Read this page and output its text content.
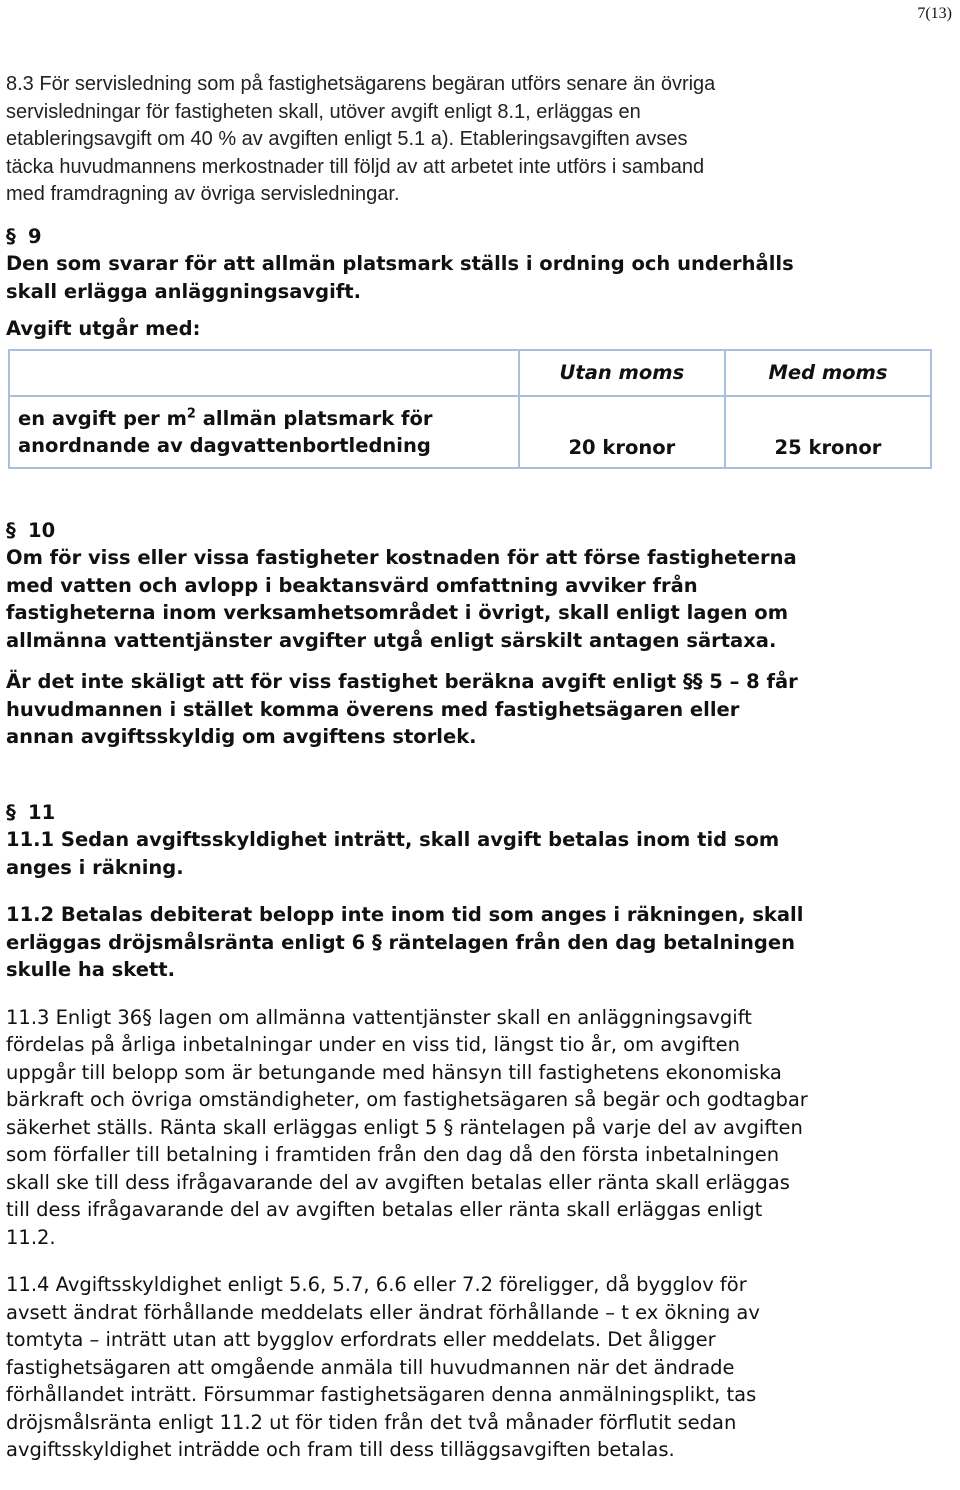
7(13)
8.3 För servisledning som på fastighetsägarens begäran utförs senare än övriga
servisledningar för fastigheten skall, utöver avgift enligt 8.1, erläggas en
etableringsavgift om 40 % av avgiften enligt 5.1 a). Etableringsavgiften avses
täcka huvudmannens merkostnader till följd av att arbetet inte utförs i samband
med framdragning av övriga servisledningar.
§ 9
Den som svarar för att allmän platsmark ställs i ordning och underhålls
skall erlägga anläggningsavgift.
Avgift utgår med:
	Utan moms	Med moms

en avgift per $m^2$ allmän platsmark för
anordnande av dagvattenbortledning	20 kronor	25 kronor
§ 10
Om för viss eller vissa fastigheter kostnaden för att förse fastigheterna
med vatten och avlopp i beaktansvärd omfattning avviker från
fastigheterna inom verksamhetsområdet i övrigt, skall enligt lagen om
allmänna vattentjänster avgifter utgå enligt särskilt antagen särtaxa.
Är det inte skäligt att för viss fastighet beräkna avgift enligt §§ 5 – 8 får
huvudmannen i stället komma överens med fastighetsägaren eller
annan avgiftsskyldig om avgiftens storlek.
§ 11
11.1 Sedan avgiftsskyldighet inträtt, skall avgift betalas inom tid som
anges i räkning.
11.2 Betalas debiterat belopp inte inom tid som anges i räkningen, skall
erläggas dröjsmålsränta enligt 6 § räntelagen från den dag betalningen
skulle ha skett.
11.3 Enligt 36§ lagen om allmänna vattentjänster skall en anläggningsavgift
fördelas på årliga inbetalningar under en viss tid, längst tio år, om avgiften
uppgår till belopp som är betungande med hänsyn till fastighetens ekonomiska
bärkraft och övriga omständigheter, om fastighetsägaren så begär och godtagbar
säkerhet ställs. Ränta skall erläggas enligt 5 § räntelagen på varje del av avgiften
som förfaller till betalning i framtiden från den dag då den första inbetalningen
skall ske till dess ifrågavarande del av avgiften betalas eller ränta skall erläggas
till dess ifrågavarande del av avgiften betalas eller ränta skall erläggas enligt
11.2.
11.4 Avgiftsskyldighet enligt 5.6, 5.7, 6.6 eller 7.2 föreligger, då bygglov för
avsett ändrat förhållande meddelats eller ändrat förhållande – t ex ökning av
tomtyta – inträtt utan att bygglov erfordrats eller meddelats. Det åligger
fastighetsägaren att omgående anmäla till huvudmannen när det ändrade
förhållandet inträtt. Försummar fastighetsägaren denna anmälningsplikt, tas
dröjsmålsränta enligt 11.2 ut för tiden från det två månader förflutit sedan
avgiftsskyldighet inträdde och fram till dess tilläggsavgiften betalas.
